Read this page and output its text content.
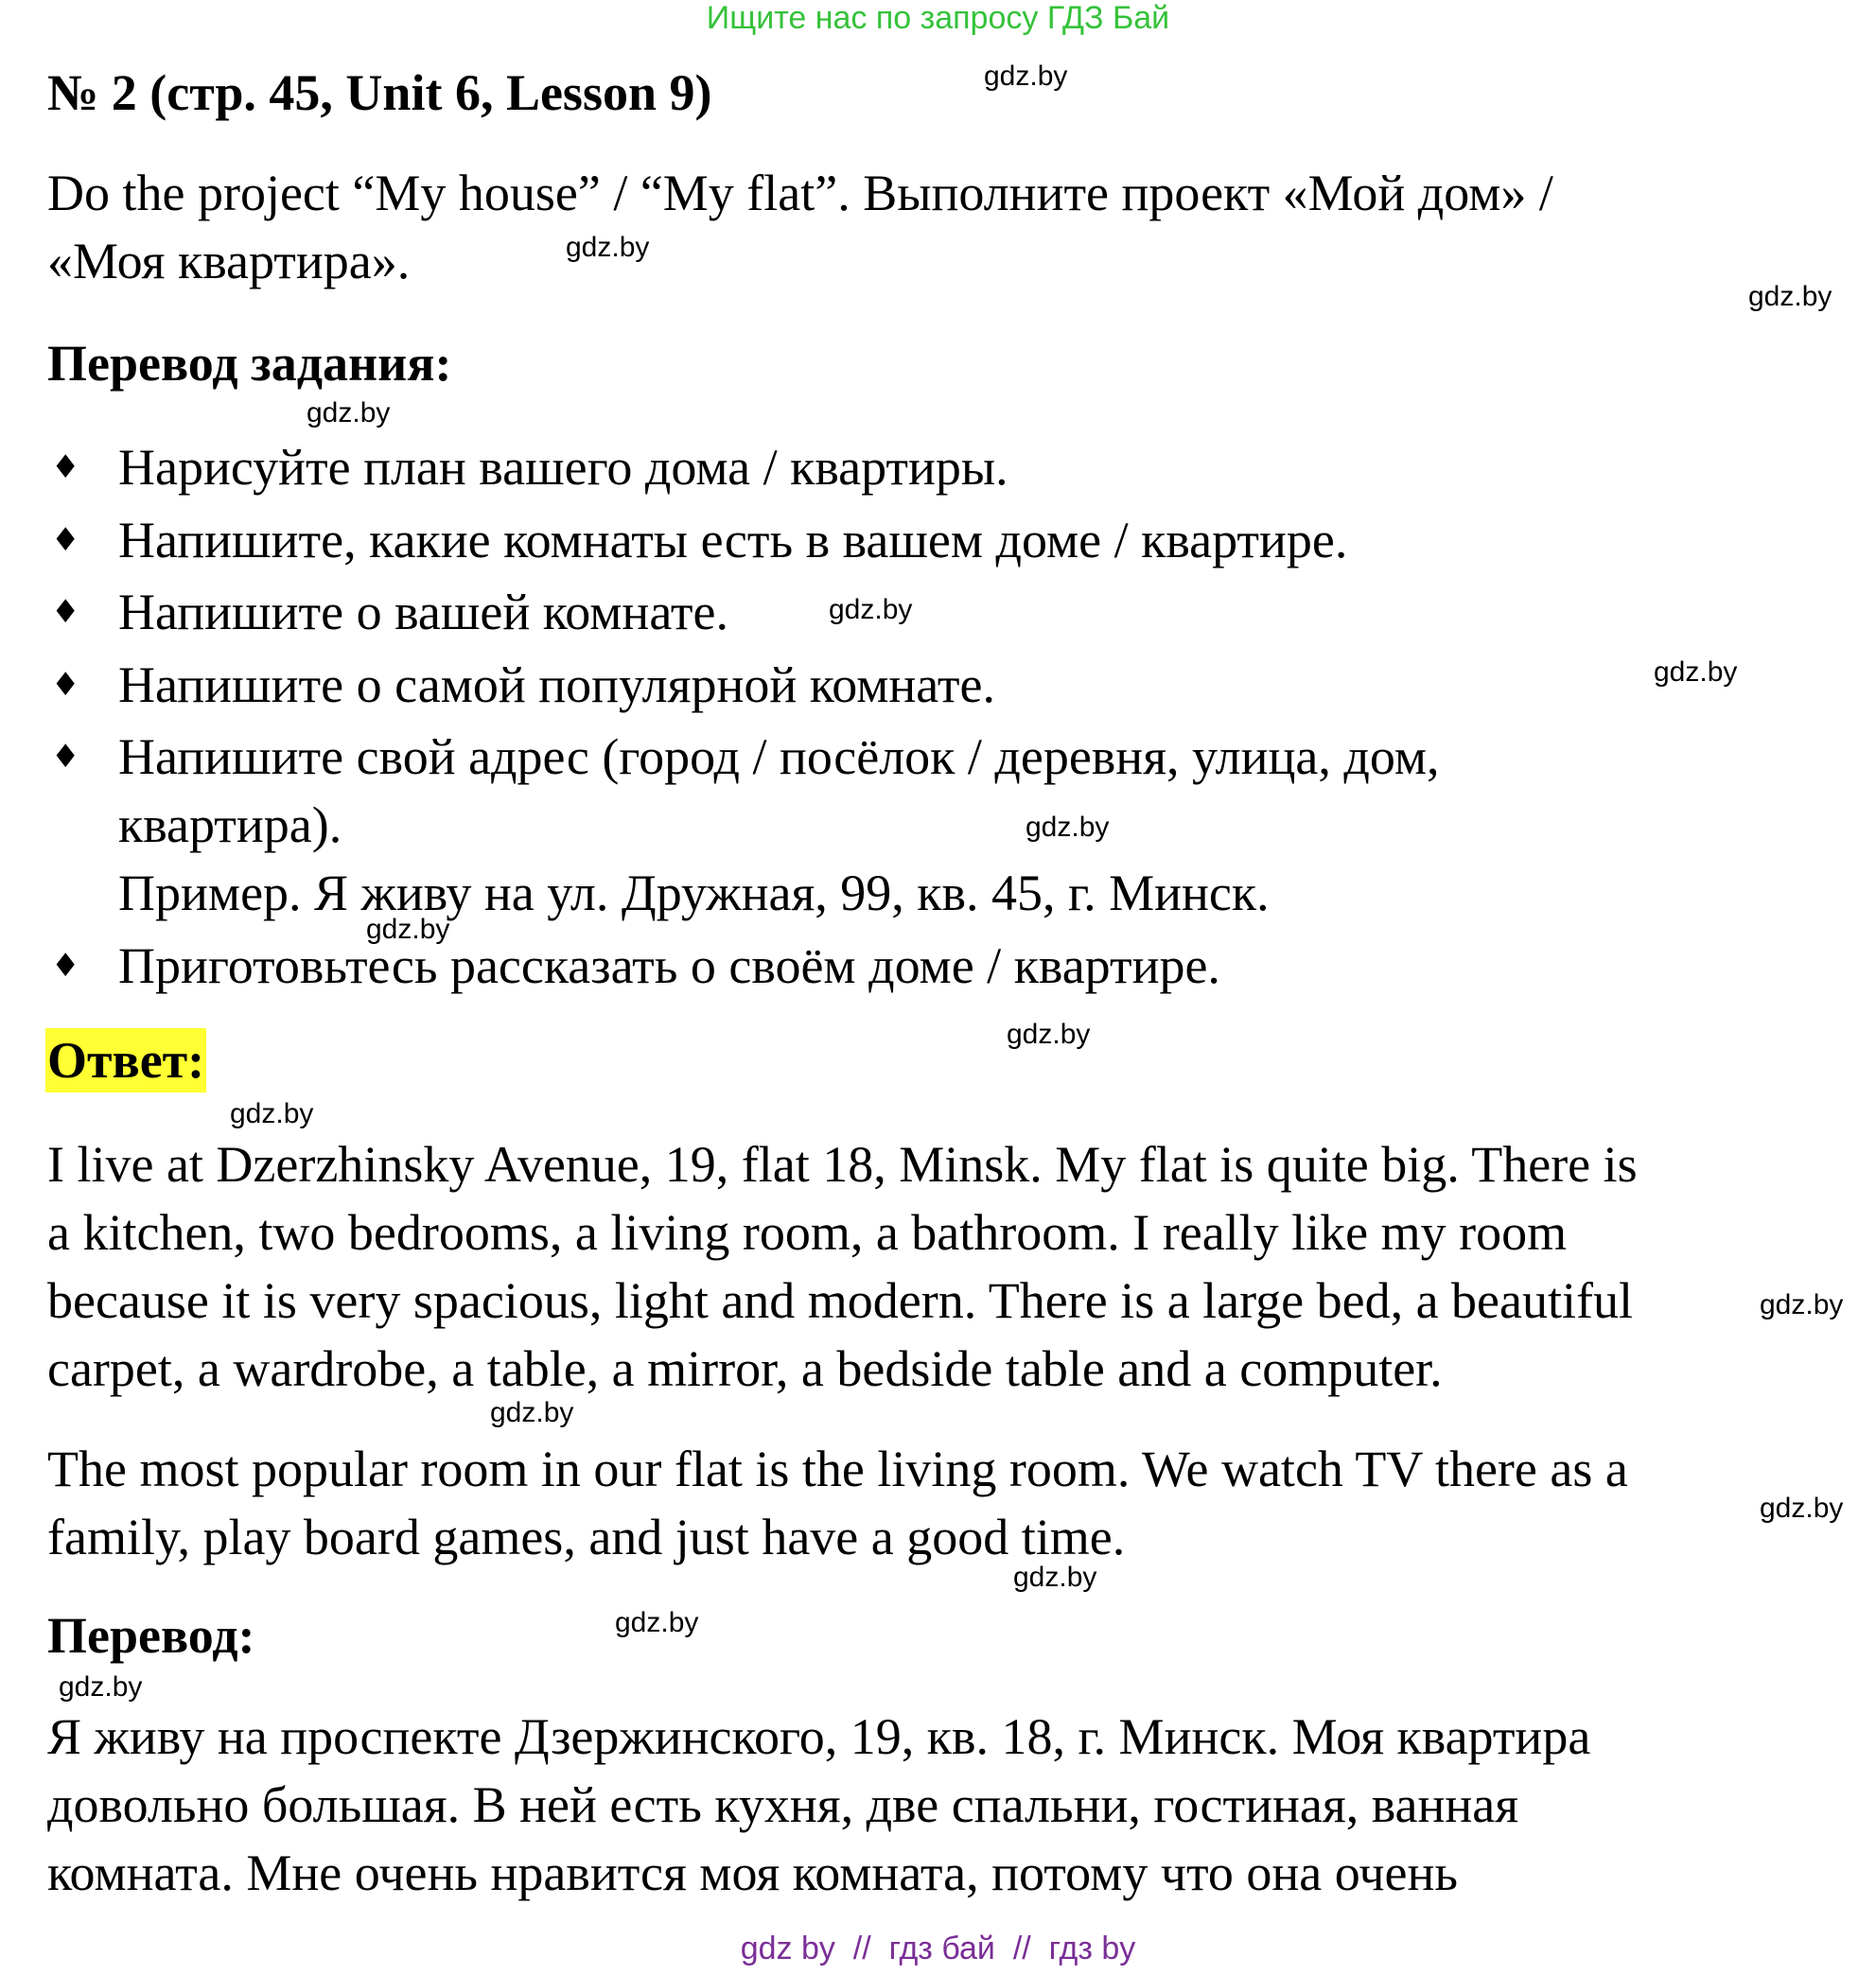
Ищите нас по запросу ГДЗ Бай
№ 2 (стр. 45, Unit 6, Lesson 9)
Do the project “My house” / “My flat”. Выполните проект «Мой дом» /
«Моя квартира».
Перевод задания:
♦ Нарисуйте план вашего дома / квартиры.
♦ Напишите, какие комнаты есть в вашем доме / квартире.
♦ Напишите о вашей комнате.
♦ Напишите о самой популярной комнате.
♦ Напишите свой адрес (город / посёлок / деревня, улица, дом,
квартира).
Пример. Я живу на ул. Дружная, 99, кв. 45, г. Минск.
♦ Приготовьтесь рассказать о своём доме / квартире.
Ответ:
I live at Dzerzhinsky Avenue, 19, flat 18, Minsk. My flat is quite big. There is
a kitchen, two bedrooms, a living room, a bathroom. I really like my room
because it is very spacious, light and modern. There is a large bed, a beautiful
carpet, a wardrobe, a table, a mirror, a bedside table and a computer.
The most popular room in our flat is the living room. We watch TV there as a
family, play board games, and just have a good time.
Перевод:
Я живу на проспекте Дзержинского, 19, кв. 18, г. Минск. Моя квартира
довольно большая. В ней есть кухня, две спальни, гостиная, ванная
комната. Мне очень нравится моя комната, потому что она очень
gdz.by
gdz.by
gdz.by
gdz.by
gdz.by
gdz.by
gdz.by
gdz.by
gdz.by
gdz.by
gdz.by
gdz.by
gdz.by
gdz.by
gdz.by
gdz.by
gdz by  //  гдз бай  //  гдз by
